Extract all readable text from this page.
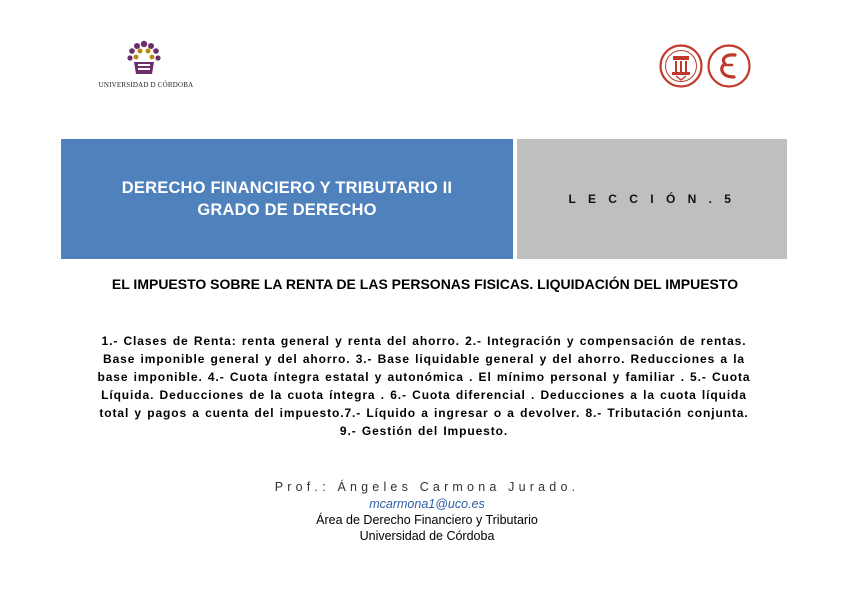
UNIVERSIDAD D CÓRDOBA
DERECHO FINANCIERO Y TRIBUTARIO II
GRADO DE DERECHO
L E C C I Ó N . 5
EL IMPUESTO SOBRE LA RENTA DE LAS PERSONAS FISICAS. LIQUIDACIÓN DEL IMPUESTO
1.- Clases de Renta: renta general y renta del ahorro. 2.- Integración y compensación de rentas. Base imponible general y del ahorro. 3.- Base liquidable general y del ahorro. Reducciones a la base imponible. 4.- Cuota íntegra estatal y autonómica . El mínimo personal y familiar . 5.- Cuota Líquida. Deducciones de la cuota íntegra . 6.- Cuota diferencial . Deducciones a la cuota líquida total y pagos a cuenta del impuesto.7.- Líquido a ingresar o a devolver. 8.- Tributación conjunta. 9.- Gestión del Impuesto.
Prof.: Ángeles Carmona Jurado.
mcarmona1@uco.es
Área de Derecho Financiero y Tributario
Universidad de Córdoba
